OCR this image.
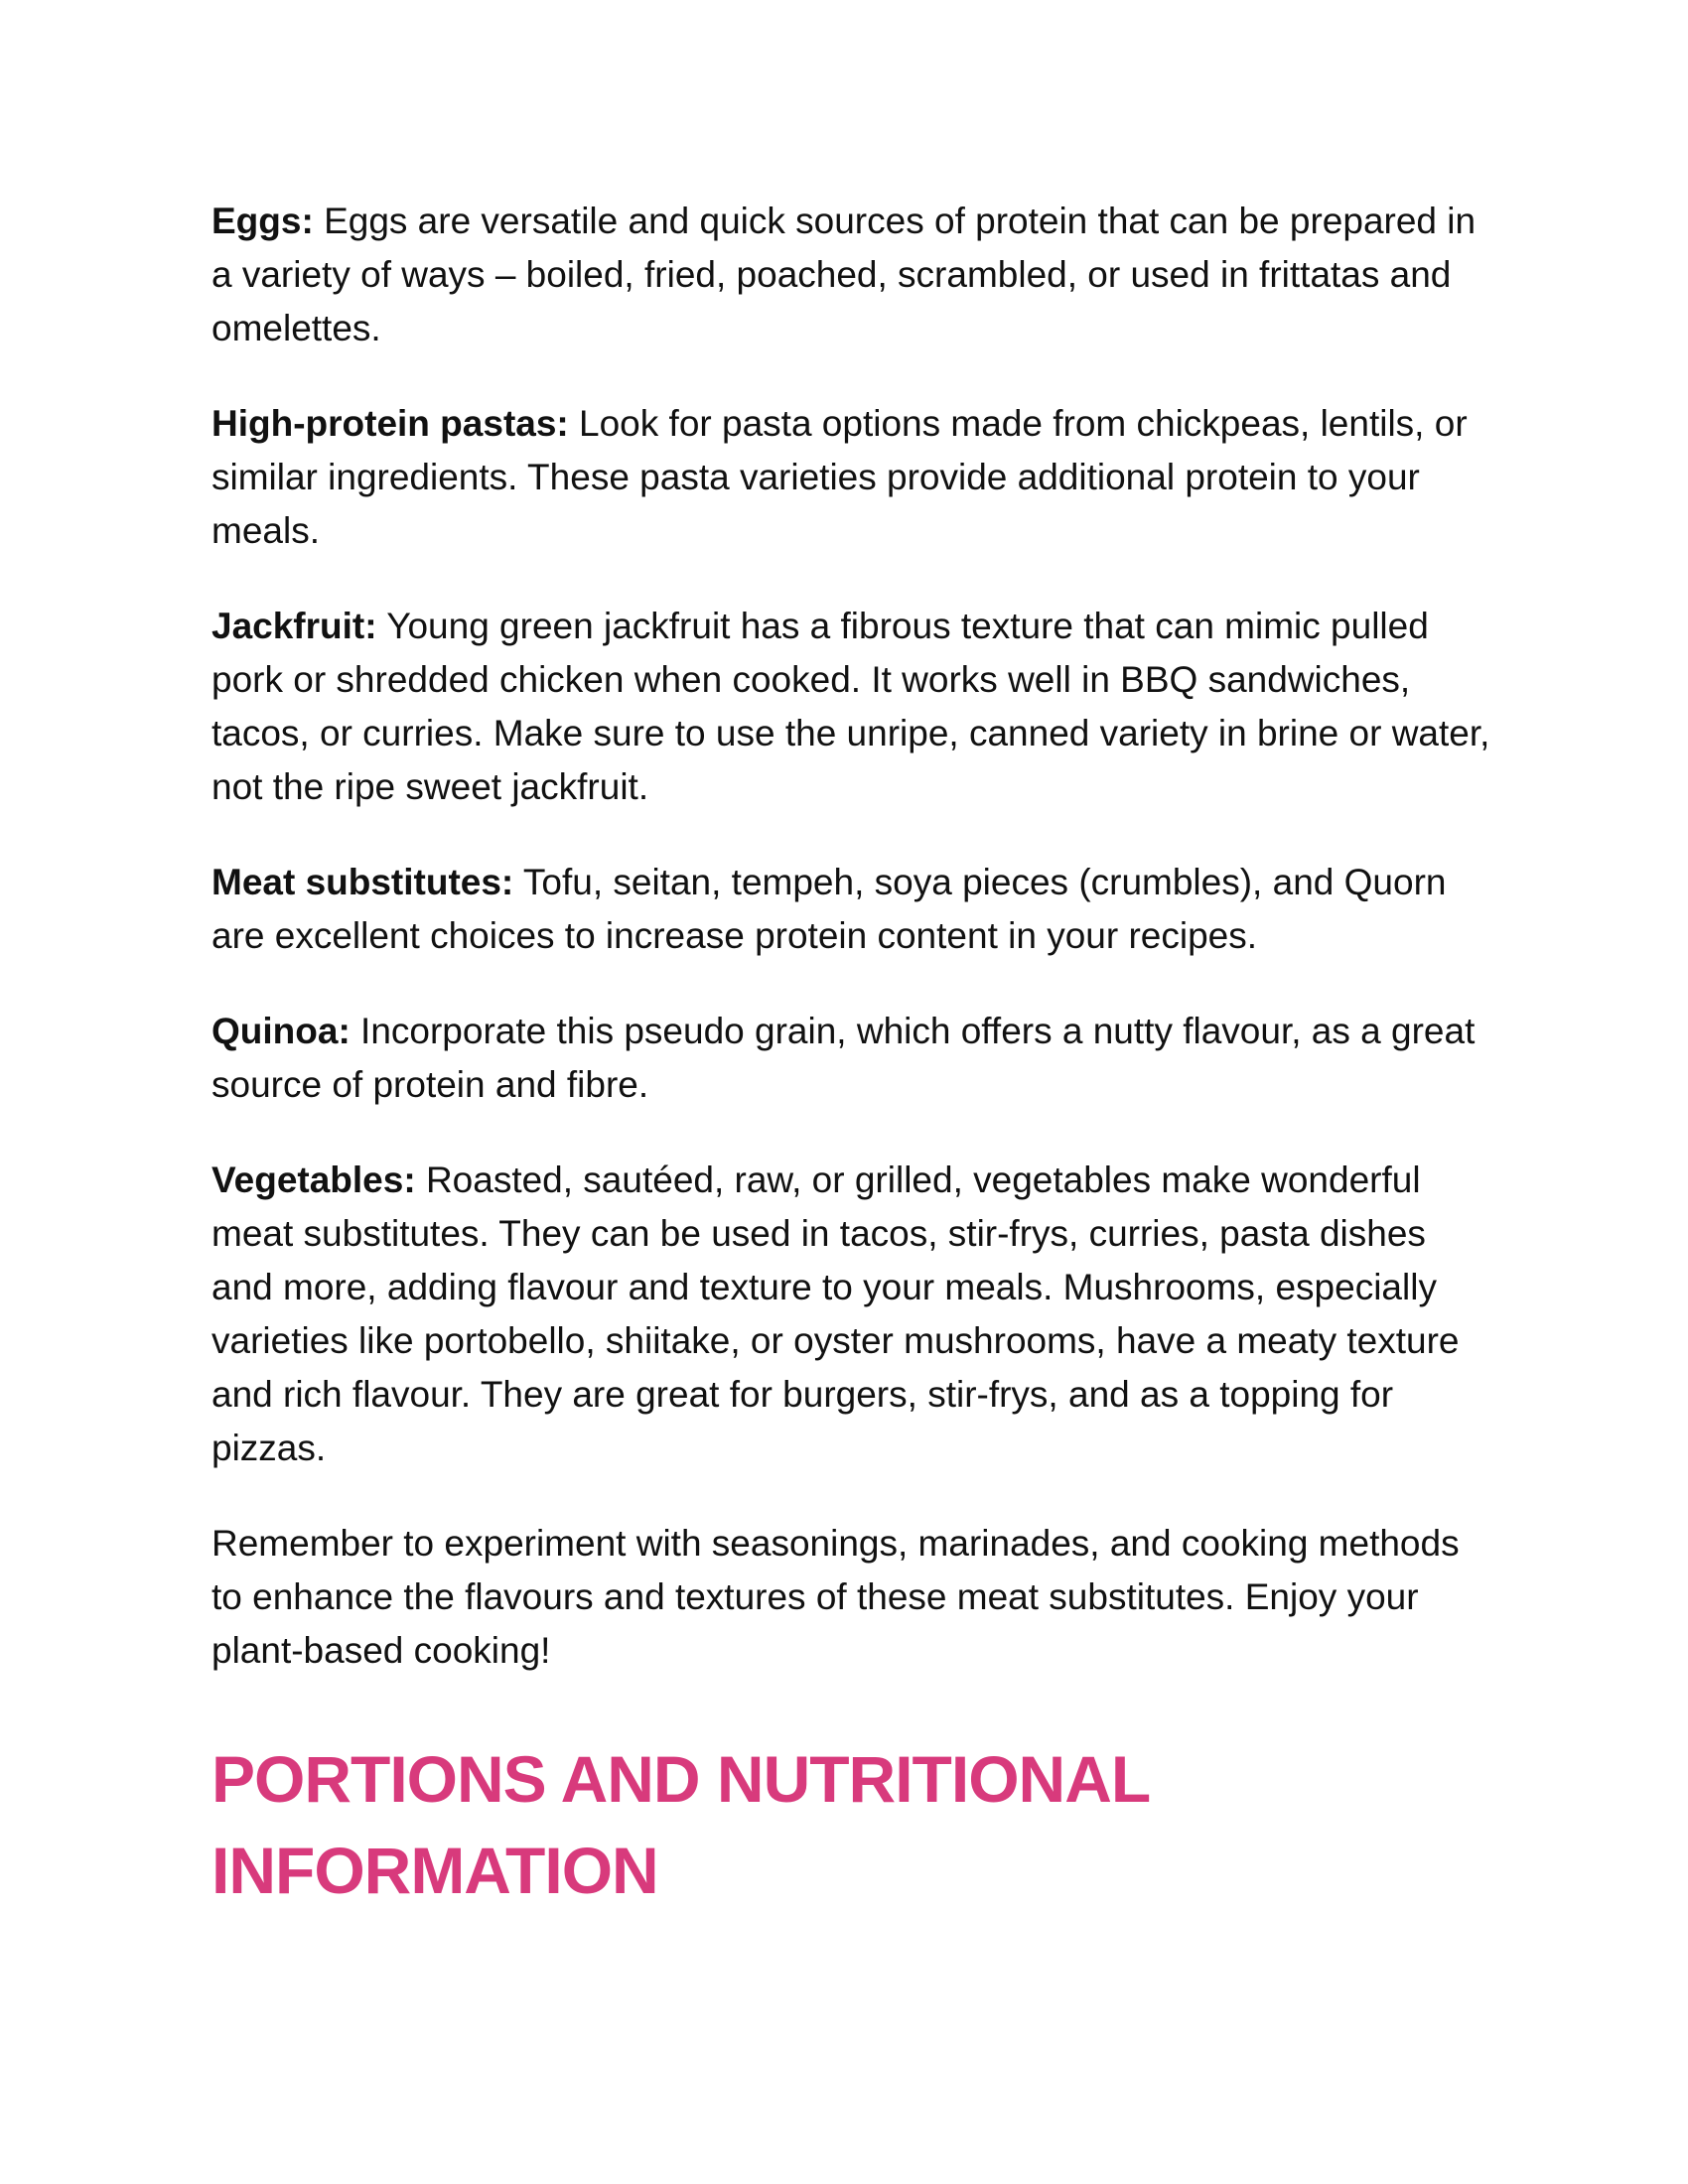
Eggs: Eggs are versatile and quick sources of protein that can be prepared in a variety of ways – boiled, fried, poached, scrambled, or used in frittatas and omelettes.

High-protein pastas: Look for pasta options made from chickpeas, lentils, or similar ingredients. These pasta varieties provide additional protein to your meals.

Jackfruit: Young green jackfruit has a fibrous texture that can mimic pulled pork or shredded chicken when cooked. It works well in BBQ sandwiches, tacos, or curries. Make sure to use the unripe, canned variety in brine or water, not the ripe sweet jackfruit.

Meat substitutes: Tofu, seitan, tempeh, soya pieces (crumbles), and Quorn are excellent choices to increase protein content in your recipes.

Quinoa: Incorporate this pseudo grain, which offers a nutty flavour, as a great source of protein and fibre.

Vegetables: Roasted, sautéed, raw, or grilled, vegetables make wonderful meat substitutes. They can be used in tacos, stir-frys, curries, pasta dishes and more, adding flavour and texture to your meals. Mushrooms, especially varieties like portobello, shiitake, or oyster mushrooms, have a meaty texture and rich flavour. They are great for burgers, stir-frys, and as a topping for pizzas.

Remember to experiment with seasonings, marinades, and cooking methods to enhance the flavours and textures of these meat substitutes. Enjoy your plant-based cooking!

PORTIONS AND NUTRITIONAL INFORMATION
